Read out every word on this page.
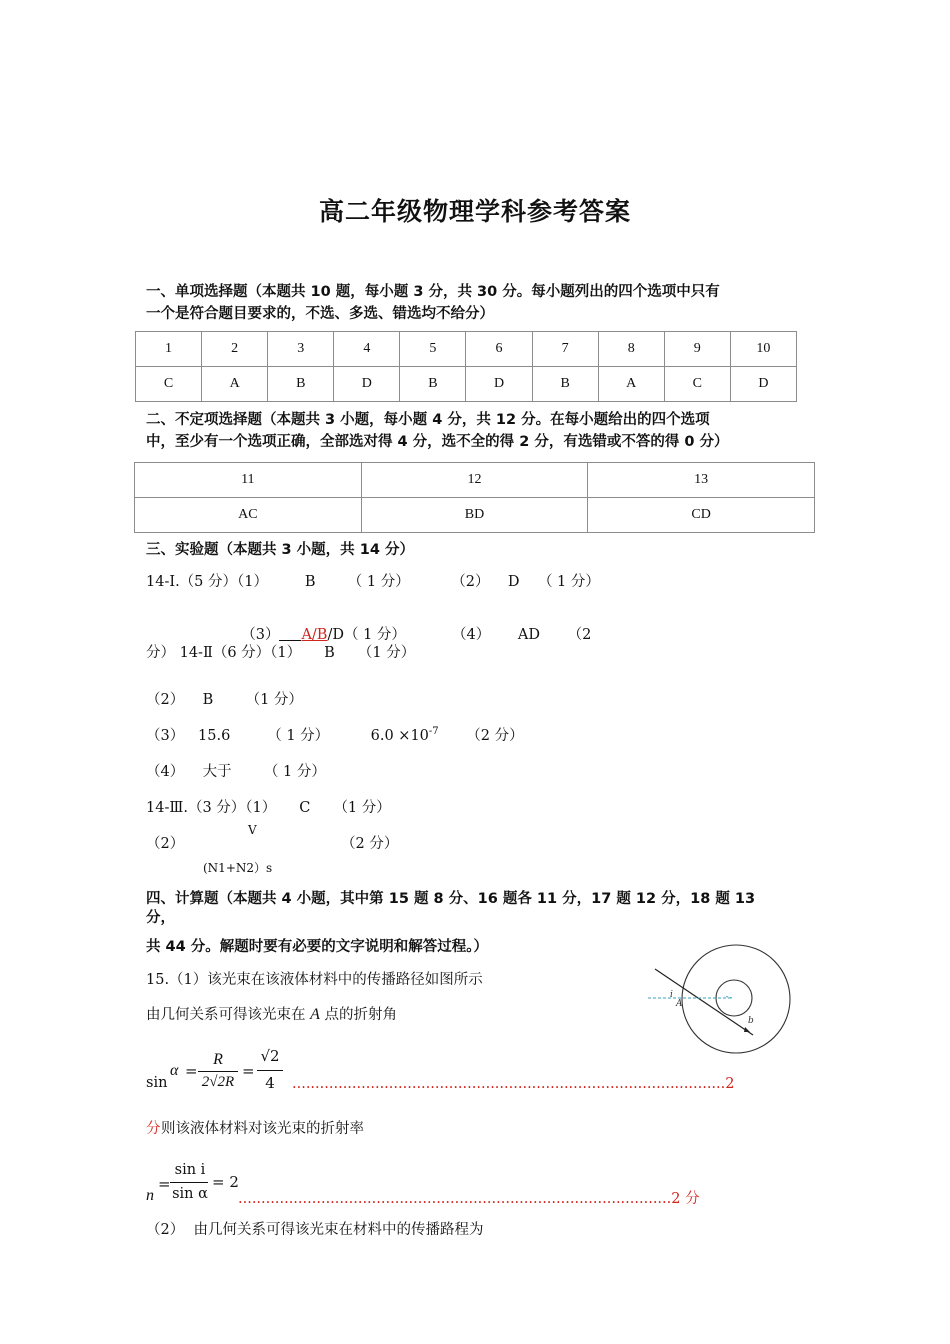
高二年级物理学科参考答案
一、单项选择题（本题共 10 题，每小题 3 分，共 30 分。每小题列出的四个选项中只有
一个是符合题目要求的，不选、多选、错选均不给分）
1	2	3	4	5	6	7	8	9	10
C	A	B	D	B	D	B	A	C	D
二、不定项选择题（本题共 3 小题，每小题 4 分，共 12 分。在每小题给出的四个选项
中，至少有一个选项正确，全部选对得 4 分，选不全的得 2 分，有选错或不答的得 0 分）
11	12	13
AC	BD	CD
三、实验题（本题共 3 小题，共 14 分）
14-Ⅰ.（5 分）（1）        B       （ 1 分）         （2）    D    （ 1 分）

（3） A/B/D（ 1 分）          （4）      AD      （2

分） 14-Ⅱ（6 分）（1）     B     （1 分）
（2）    B       （1 分）
（3）   15.6        （ 1 分）         $6.0 \times 10^{-7}$      （2 分）
（4）    大于       （ 1 分）
14-Ⅲ.（3 分）（1）     C     （1 分）
（2）
V
（2 分）
(N1+N2）s
四、计算题（本题共 4 小题，其中第 15 题 8 分、16 题各 11 分，17 题 12 分，18 题 13
分，
共 44 分。解题时要有必要的文字说明和解答过程。）
15.（1）该光束在该液体材料中的传播路径如图所示
由几何关系可得该光束在 A 点的折射角
sin
α =
R
2√2R
=
√2
4	..............................................................................................2
分 则该液体材料对该光束的折射率
n
=
sin i
sin α
= 2
..............................................................................................2 分
（2）  由几何关系可得该光束在材料中的传播路程为
i
A
b
